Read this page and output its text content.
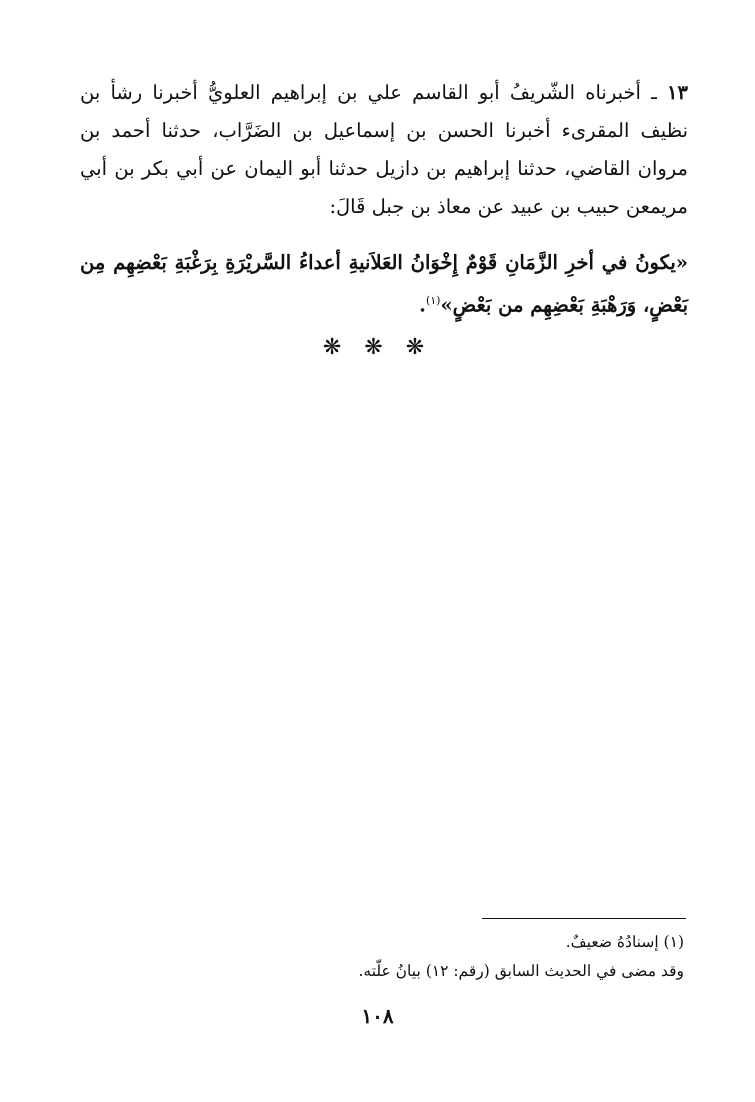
١٣ ـ أخبرناه الشّريفُ أبو القاسم علي بن إبراهيم العلويُّ أخبرنا رشأ بن نظيف المقرىء أخبرنا الحسن بن إسماعيل بن الضَرَّاب، حدثنا أحمد بن مروان القاضي، حدثنا إبراهيم بن دازيل حدثنا أبو اليمان عن أبي بكر بن أبي مريمعن حبيب بن عبيد عن معاذ بن جبل قَالَ:
«يكونُ في أخرِ الزَّمَانِ قَوْمٌ إِخْوَانُ العَلاَنيةِ أعداءُ السَّريْرَةِ بِرَغْبَةِ بَعْضِهِم مِن بَعْضٍ، وَرَهْبَةِ بَعْضِهِم من بَعْضٍ»$^{(١)}$.
❋ ❋ ❋
(١) إسنادُهُ ضعيفٌ.
وقد مضى في الحديث السابق (رقم: ١٢) بيانُ علّته.
١٠٨
